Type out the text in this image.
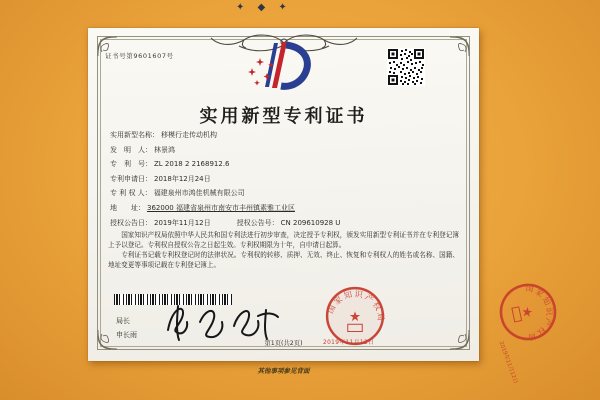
✦ ◆ ✦
证书号第9601607号
实用新型专利证书
实用新型名称： 移模行走传动机构
发　明　人： 林景鸿
专　利　号： ZL 2018 2 2168912.6
专利申请日： 2018年12月24日
专 利 权 人： 福建泉州市鸿佳机械有限公司
地　　址： 362000 福建省泉州市南安市丰州镇素雅工业区
授权公告日： 2019年11月12日	授权公告号： CN 209610928 U

国家知识产权局依照中华人民共和国专利法进行初步审查，决定授予专利权，颁发实用新型专利证书并在专利登记簿上予以登记。专利权自授权公告之日起生效。专利权期限为十年，自申请日起算。

专利证书记载专利权登记时的法律状况。专利权的转移、质押、无效、终止、恢复和专利权人的姓名或名称、国籍、地址变更等事项记载在专利登记簿上。

局长
申长雨
国家知识产权局
★
2019年11月12日
第1页(共2页)
国家知识产权局
★
2019年11月12日
其他事项参见背面
